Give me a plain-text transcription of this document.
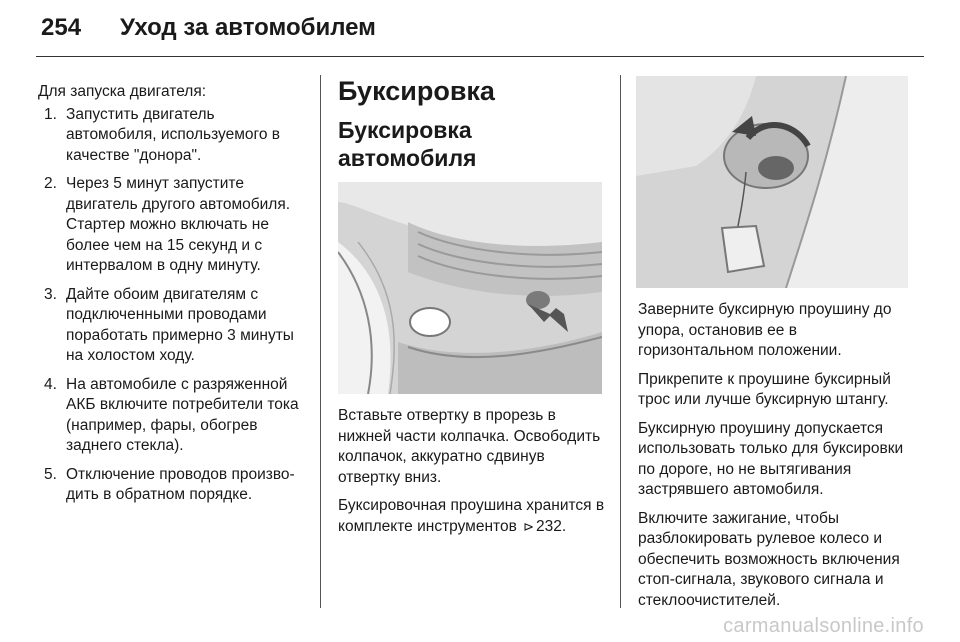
254 Уход за автомобилем

Для запуска двигателя:

1. Запустить двигатель автомобиля, используемого в качестве "донора".
2. Через 5 минут запустите двигатель другого автомобиля. Стартер можно включать не более чем на 15 секунд и с интервалом в одну минуту.
3. Дайте обоим двигателям с подключенными проводами поработать примерно 3 минуты на холостом ходу.
4. На автомобиле с разряженной АКБ включите потребители тока (например, фары, обогрев заднего стекла).
5. Отключение проводов производить в обратном порядке.
Буксировка
Буксировка автомобиля

Вставьте отвертку в прорезь в нижней части колпачка. Освободить колпачок, аккуратно сдвинув отвертку вниз.

Буксировочная проушина хранится в комплекте инструментов ⊳ 232.

Заверните буксирную проушину до упора, остановив ее в горизонтальном положении.

Прикрепите к проушине буксирный трос или лучше буксирную штангу.

Буксирную проушину допускается использовать только для буксировки по дороге, но не вытягивания застрявшего автомобиля.

Включите зажигание, чтобы разблокировать рулевое колесо и обеспечить возможность включения стоп-сигнала, звукового сигнала и стеклоочистителей.

carmanualsonline.info
